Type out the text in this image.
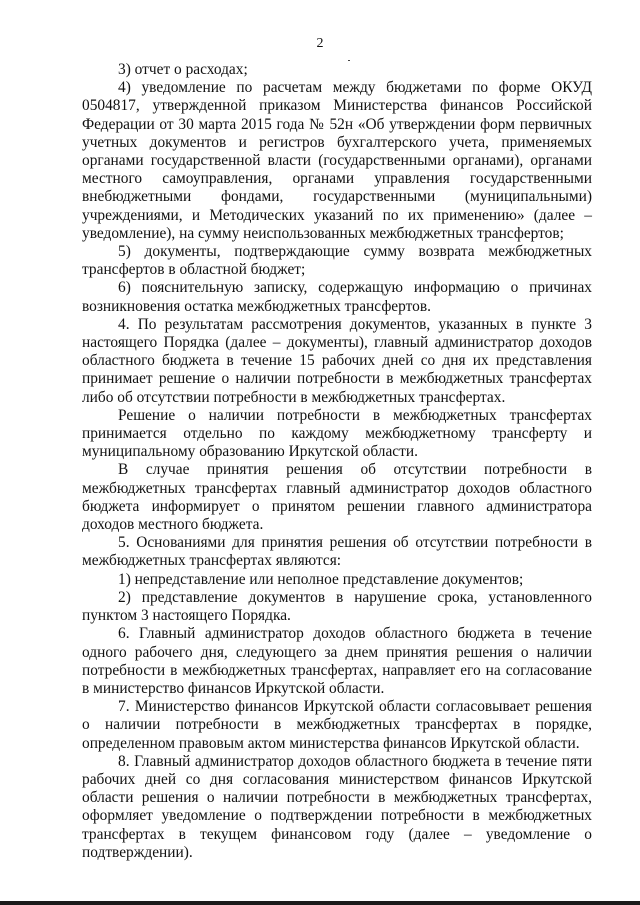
2

3) отчет о расходах;

4) уведомление по расчетам между бюджетами по форме ОКУД 0504817, утвержденной приказом Министерства финансов Российской Федерации от 30 марта 2015 года № 52н «Об утверждении форм первичных учетных документов и регистров бухгалтерского учета, применяемых органами государственной власти (государственными органами), органами местного самоуправления, органами управления государственными внебюджетными фондами, государственными (муниципальными) учреждениями, и Методических указаний по их применению» (далее – уведомление), на сумму неиспользованных межбюджетных трансфертов;

5) документы, подтверждающие сумму возврата межбюджетных трансфертов в областной бюджет;

6) пояснительную записку, содержащую информацию о причинах возникновения остатка межбюджетных трансфертов.

4. По результатам рассмотрения документов, указанных в пункте 3 настоящего Порядка (далее – документы), главный администратор доходов областного бюджета в течение 15 рабочих дней со дня их представления принимает решение о наличии потребности в межбюджетных трансфертах либо об отсутствии потребности в межбюджетных трансфертах.

Решение о наличии потребности в межбюджетных трансфертах принимается отдельно по каждому межбюджетному трансферту и муниципальному образованию Иркутской области.

В случае принятия решения об отсутствии потребности в межбюджетных трансфертах главный администратор доходов областного бюджета информирует о принятом решении главного администратора доходов местного бюджета.

5. Основаниями для принятия решения об отсутствии потребности в межбюджетных трансфертах являются:

1) непредставление или неполное представление документов;

2) представление документов в нарушение срока, установленного пунктом 3 настоящего Порядка.

6. Главный администратор доходов областного бюджета в течение одного рабочего дня, следующего за днем принятия решения о наличии потребности в межбюджетных трансфертах, направляет его на согласование в министерство финансов Иркутской области.

7. Министерство финансов Иркутской области согласовывает решения о наличии потребности в межбюджетных трансфертах в порядке, определенном правовым актом министерства финансов Иркутской области.

8. Главный администратор доходов областного бюджета в течение пяти рабочих дней со дня согласования министерством финансов Иркутской области решения о наличии потребности в межбюджетных трансфертах, оформляет уведомление о подтверждении потребности в межбюджетных трансфертах в текущем финансовом году (далее – уведомление о подтверждении).
